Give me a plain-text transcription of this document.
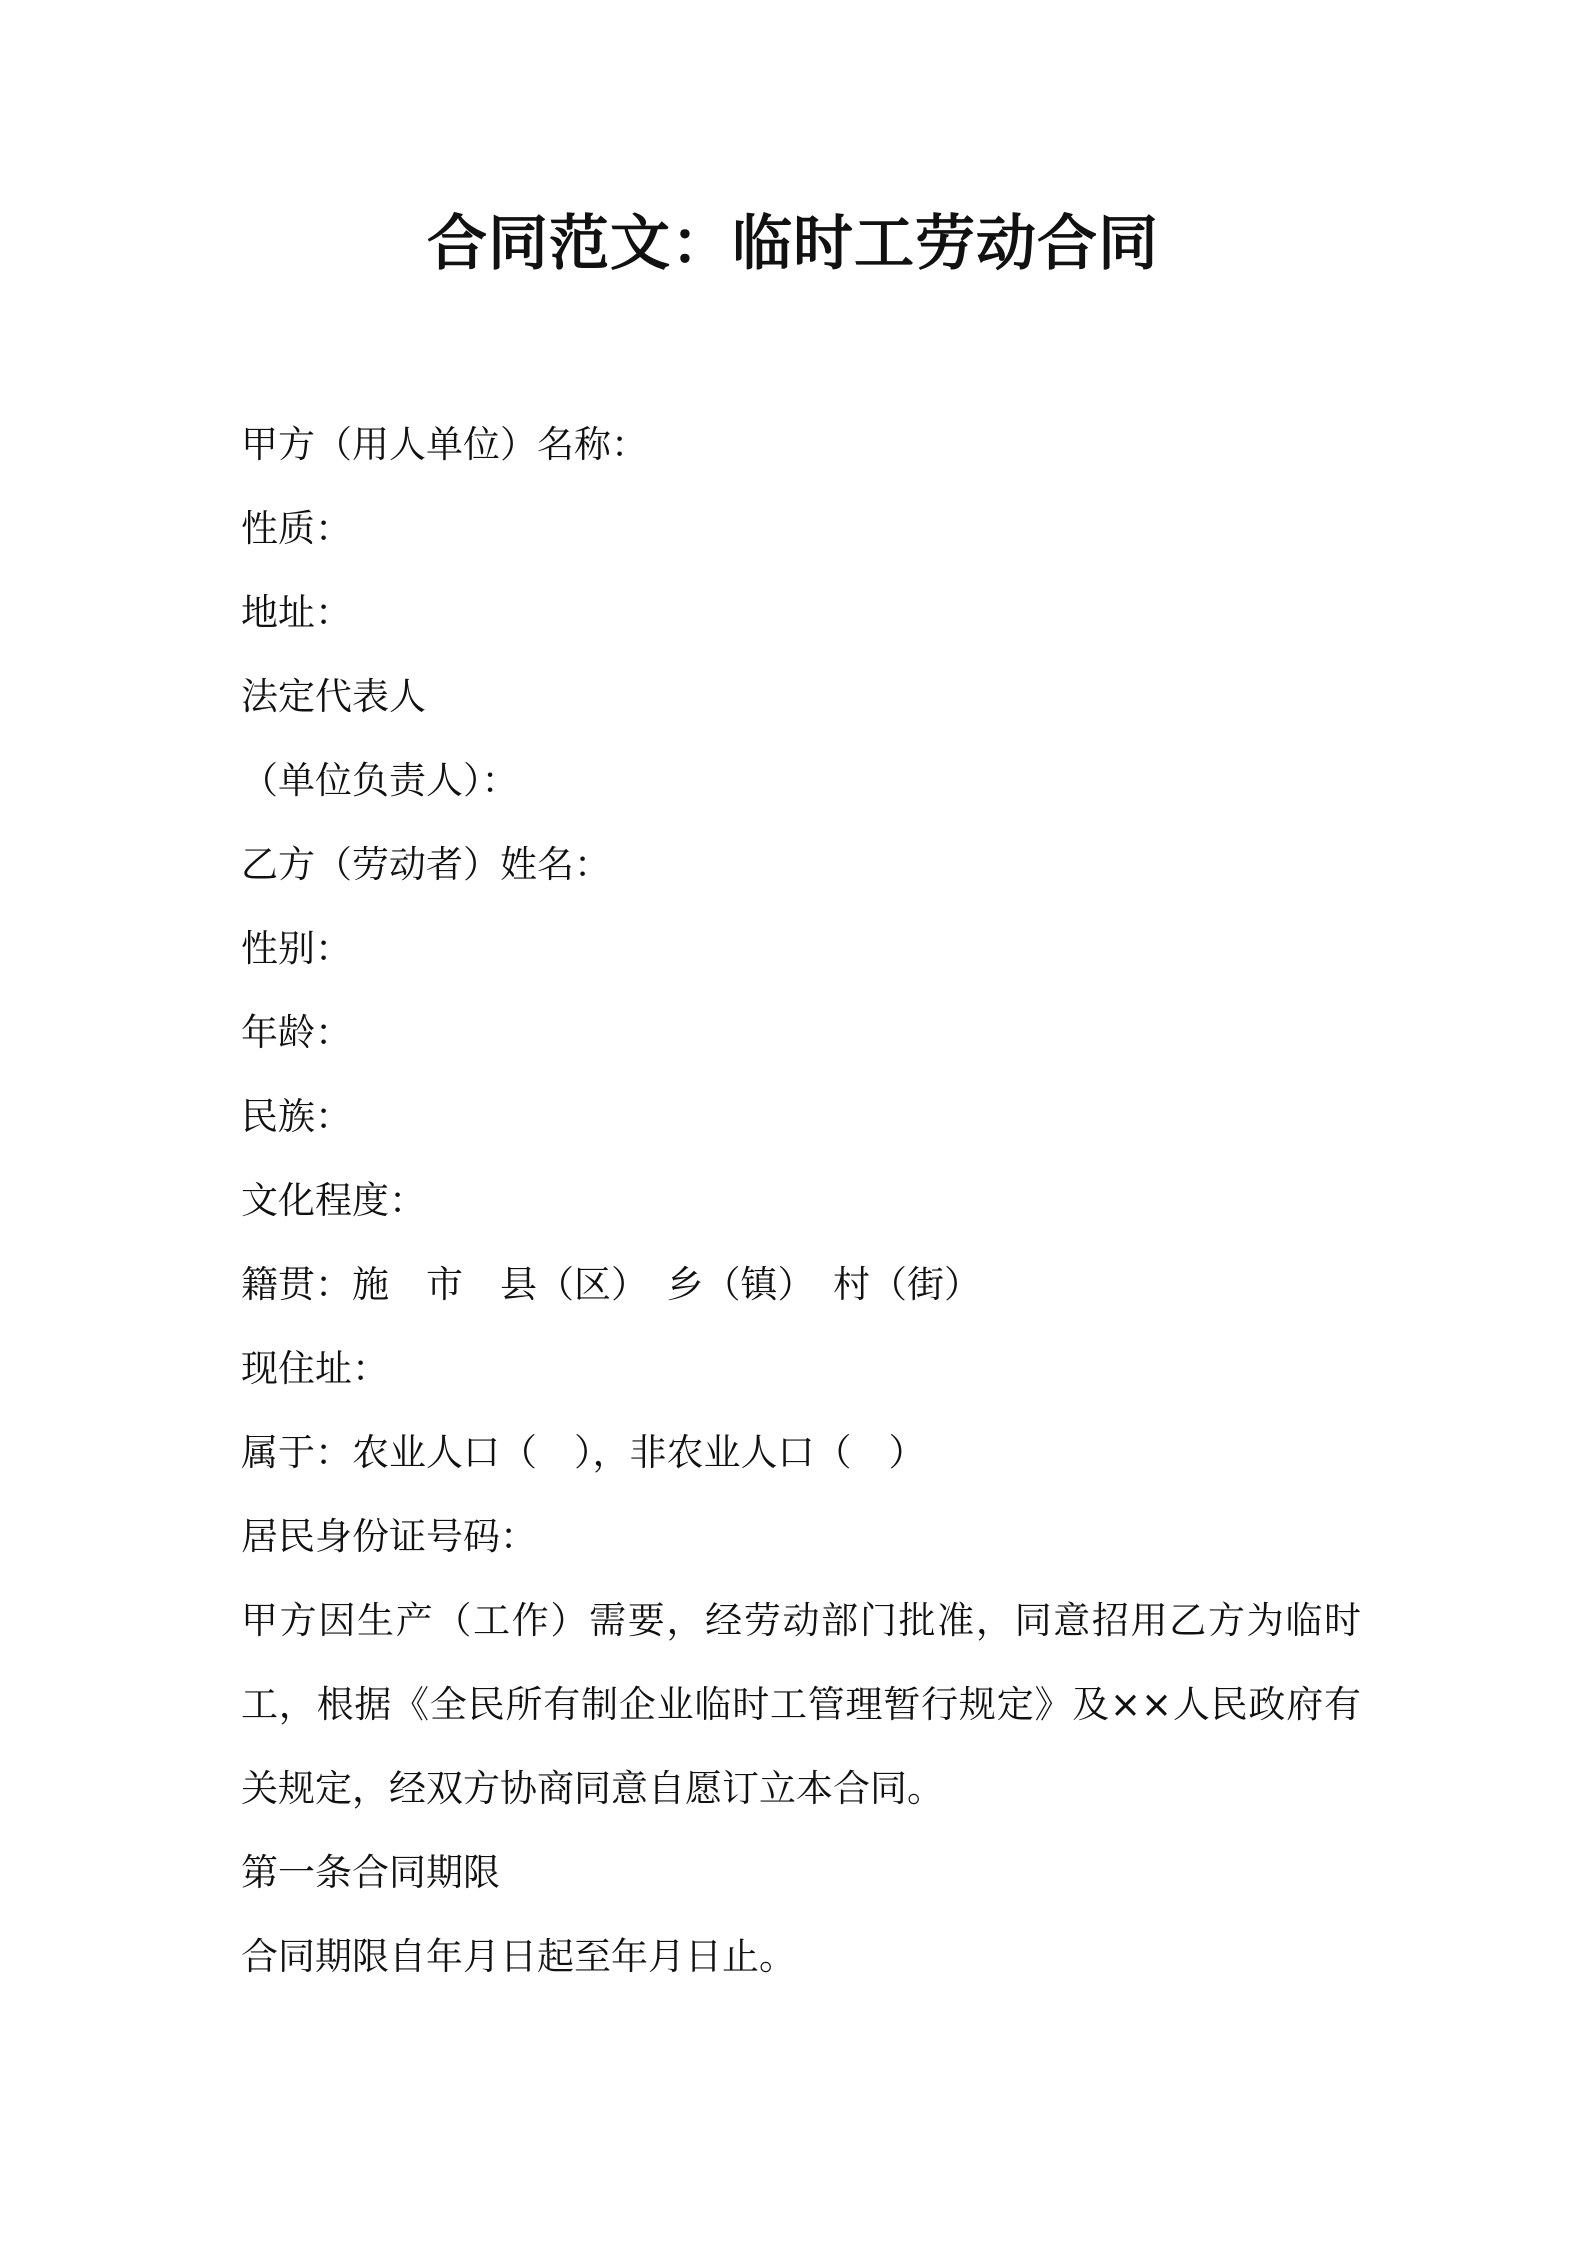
合同范文：临时工劳动合同

甲方（用人单位）名称：

性质：

地址：

法定代表人

（单位负责人）：

乙方（劳动者）姓名：

性别：

年龄：

民族：

文化程度：

籍贯：施　市　县（区）　乡（镇）　村（街）

现住址：

属于：农业人口（　），非农业人口（　）

居民身份证号码：

甲方因生产（工作）需要，经劳动部门批准，同意招用乙方为临时工，根据《全民所有制企业临时工管理暂行规定》及××人民政府有关规定，经双方协商同意自愿订立本合同。

第一条合同期限

合同期限自年月日起至年月日止。
